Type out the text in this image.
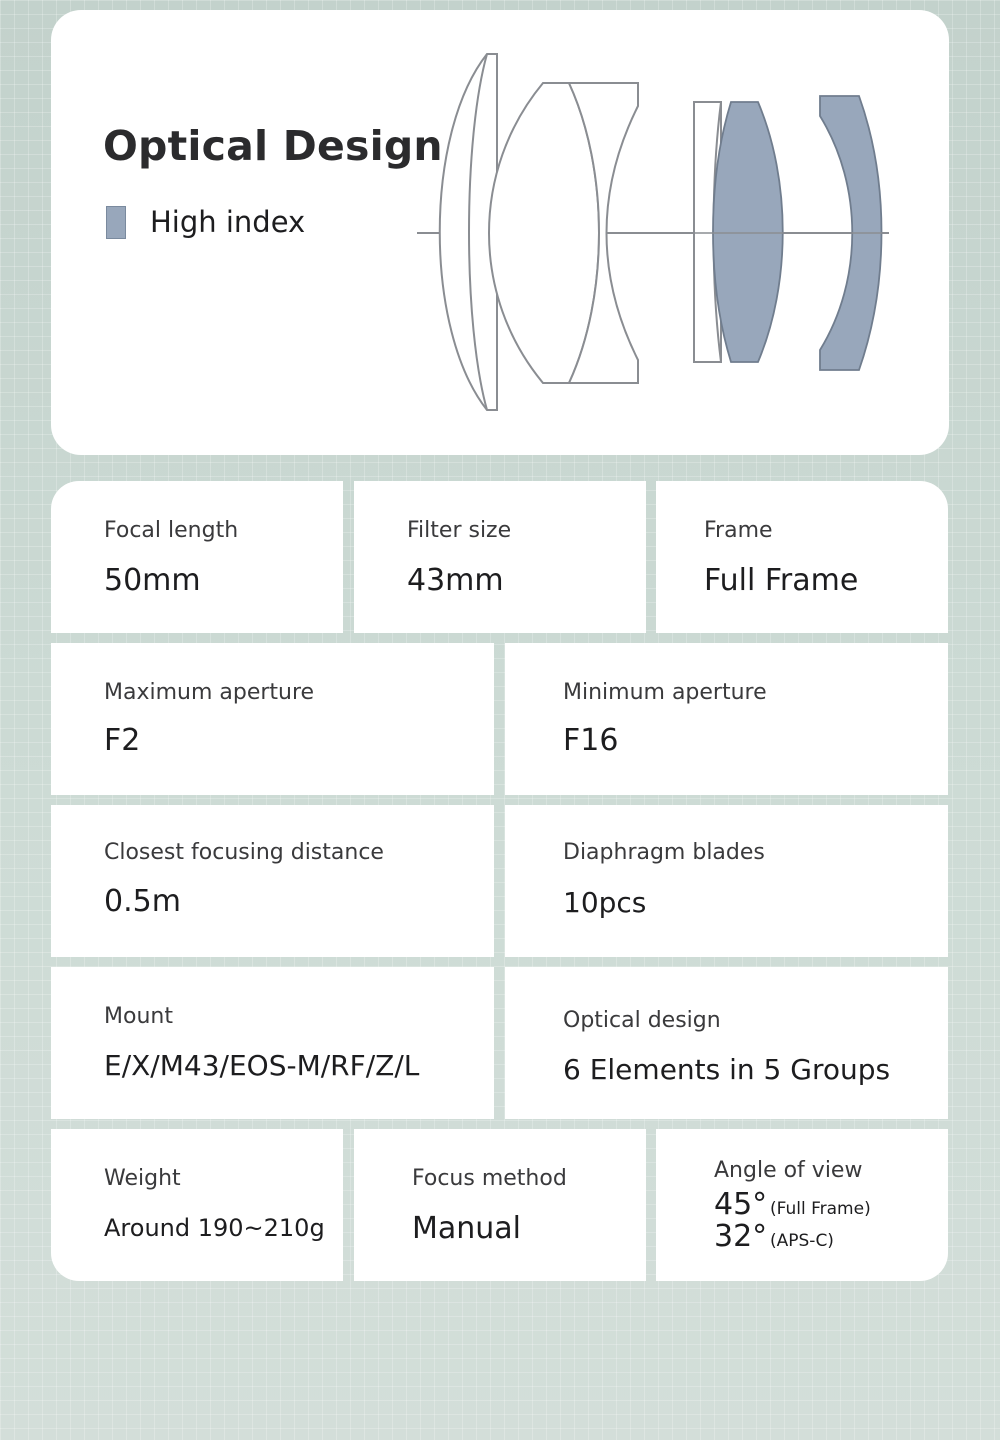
Optical Design
High index
Focal length
50mm
Filter size
43mm
Frame
Full Frame
Maximum aperture
F2
Minimum aperture
F16
Closest focusing distance
0.5m
Diaphragm blades
10pcs
Mount
E/X/M43/EOS-M/RF/Z/L
Optical design
6 Elements in 5 Groups
Weight
Around 190~210g
Focus method
Manual
Angle of view
45° (Full Frame)
32° (APS-C)
